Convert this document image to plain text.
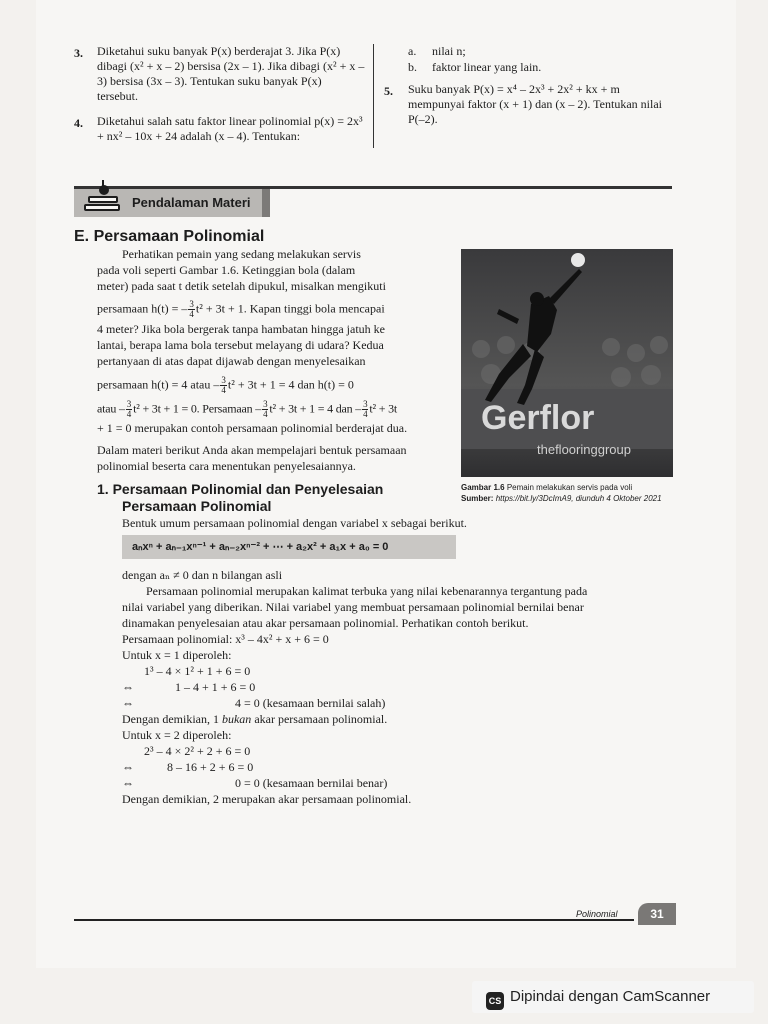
3. Diketahui suku banyak P(x) berderajat 3. Jika P(x) dibagi (x² + x – 2) bersisa (2x – 1). Jika dibagi (x² + x – 3) bersisa (3x – 3). Tentukan suku banyak P(x) tersebut.
4. Diketahui salah satu faktor linear polinomial p(x) = 2x³ + nx² – 10x + 24 adalah (x – 4). Tentukan:
a. nilai n;
b. faktor linear yang lain.
5. Suku banyak P(x) = x⁴ – 2x³ + 2x² + kx + m mempunyai faktor (x + 1) dan (x – 2). Tentukan nilai P(–2).
Pendalaman Materi
E. Persamaan Polinomial
Perhatikan pemain yang sedang melakukan servis
pada voli seperti Gambar 1.6. Ketinggian bola (dalam
meter) pada saat t detik setelah dipukul, misalkan mengikuti
persamaan h(t) = – $\frac{3}{4} t^2 + 3t + 1$. Kapan tinggi bola mencapai
4 meter? Jika bola bergerak tanpa hambatan hingga jatuh ke
lantai, berapa lama bola tersebut melayang di udara? Kedua
pertanyaan di atas dapat dijawab dengan menyelesaikan
persamaan h(t) = 4 atau – $\frac{3}{4} t^2 + 3t + 1 = 4$ dan h(t) = 0
atau – $\frac{3}{4} t^2 + 3t + 1 = 0$. Persamaan – $\frac{3}{4} t^2 + 3t + 1 = 4$ dan – $\frac{3}{4} t^2 + 3t$
+ 1 = 0 merupakan contoh persamaan polinomial berderajat dua.
Dalam materi berikut Anda akan mempelajari bentuk persamaan
polinomial beserta cara menentukan penyelesaiannya.
Gerflor
theflooringgroup
Gambar 1.6 Pemain melakukan servis pada voli
Sumber: https://bit.ly/3DcImA9, diunduh 4 Oktober 2021
1. Persamaan Polinomial dan Penyelesaian
Persamaan Polinomial
Bentuk umum persamaan polinomial dengan variabel x sebagai berikut.
aₙxⁿ + aₙ₋₁xⁿ⁻¹ + aₙ₋₂xⁿ⁻² + ⋯ + a₂x² + a₁x + a₀ = 0
dengan aₙ ≠ 0 dan n bilangan asli
Persamaan polinomial merupakan kalimat terbuka yang nilai kebenarannya tergantung pada
nilai variabel yang diberikan. Nilai variabel yang membuat persamaan polinomial bernilai benar
dinamakan penyelesaian atau akar persamaan polinomial. Perhatikan contoh berikut.
Persamaan polinomial: x³ – 4x² + x + 6 = 0
Untuk x = 1 diperoleh:
1³ – 4 × 1² + 1 + 6 = 0
⇔	1 – 4 + 1 + 6 = 0
⇔	4 = 0 (kesamaan bernilai salah)
Dengan demikian, 1 bukan akar persamaan polinomial.
Untuk x = 2 diperoleh:
2³ – 4 × 2² + 2 + 6 = 0
⇔	8 – 16 + 2 + 6 = 0
⇔	0 = 0 (kesamaan bernilai benar)
Dengan demikian, 2 merupakan akar persamaan polinomial.
Polinomial	31
CS Dipindai dengan CamScanner
